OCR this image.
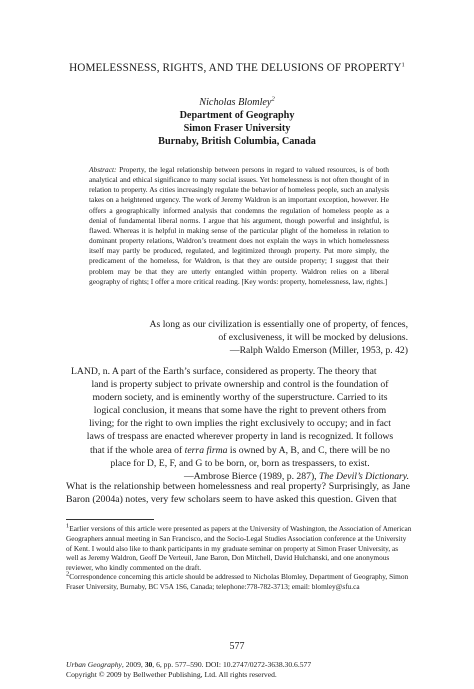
HOMELESSNESS, RIGHTS, AND THE DELUSIONS OF PROPERTY$^1$
Nicholas Blomley$^2$
Department of Geography
Simon Fraser University
Burnaby, British Columbia, Canada

Abstract: Property, the legal relationship between persons in regard to valued resources, is of both analytical and ethical significance to many social issues. Yet homelessness is not often thought of in relation to property. As cities increasingly regulate the behavior of homeless people, such an analysis takes on a heightened urgency. The work of Jeremy Waldron is an important exception, however. He offers a geographically informed analysis that condemns the regulation of homeless people as a denial of fundamental liberal norms. I argue that his argument, though powerful and insightful, is flawed. Whereas it is helpful in making sense of the particular plight of the homeless in relation to dominant property relations, Waldron’s treatment does not explain the ways in which homelessness itself may partly be produced, regulated, and legitimized through property. Put more simply, the predicament of the homeless, for Waldron, is that they are outside property; I suggest that their problem may be that they are utterly entangled within property. Waldron relies on a liberal geography of rights; I offer a more critical reading. [Key words: property, homelessness, law, rights.]

As long as our civilization is essentially one of property, of fences,
of exclusiveness, it will be mocked by delusions.
—Ralph Waldo Emerson (Miller, 1953, p. 42)

LAND, n. A part of the Earth’s surface, considered as property. The theory that

land is property subject to private ownership and control is the foundation of

modern society, and is eminently worthy of the superstructure. Carried to its

logical conclusion, it means that some have the right to prevent others from

living; for the right to own implies the right exclusively to occupy; and in fact

laws of trespass are enacted wherever property in land is recognized. It follows

that if the whole area of terra firma is owned by A, B, and C, there will be no

place for D, E, F, and G to be born, or, born as trespassers, to exist.

—Ambrose Bierce (1989, p. 287), The Devil’s Dictionary.

What is the relationship between homelessness and real property? Surprisingly, as Jane Baron (2004a) notes, very few scholars seem to have asked this question. Given that

$^1$Earlier versions of this article were presented as papers at the University of Washington, the Association of American Geographers annual meeting in San Francisco, and the Socio-Legal Studies Association conference at the University of Kent. I would also like to thank participants in my graduate seminar on property at Simon Fraser University, as well as Jeremy Waldron, Geoff De Verteuil, Jane Baron, Don Mitchell, David Hulchanski, and one anonymous reviewer, who kindly commented on the draft.

$^2$Correspondence concerning this article should be addressed to Nicholas Blomley, Department of Geography, Simon Fraser University, Burnaby, BC V5A 1S6, Canada; telephone:778-782-3713; email: blomley@sfu.ca

577
Urban Geography, 2009, 30, 6, pp. 577–590. DOI: 10.2747/0272-3638.30.6.577
Copyright © 2009 by Bellwether Publishing, Ltd. All rights reserved.
